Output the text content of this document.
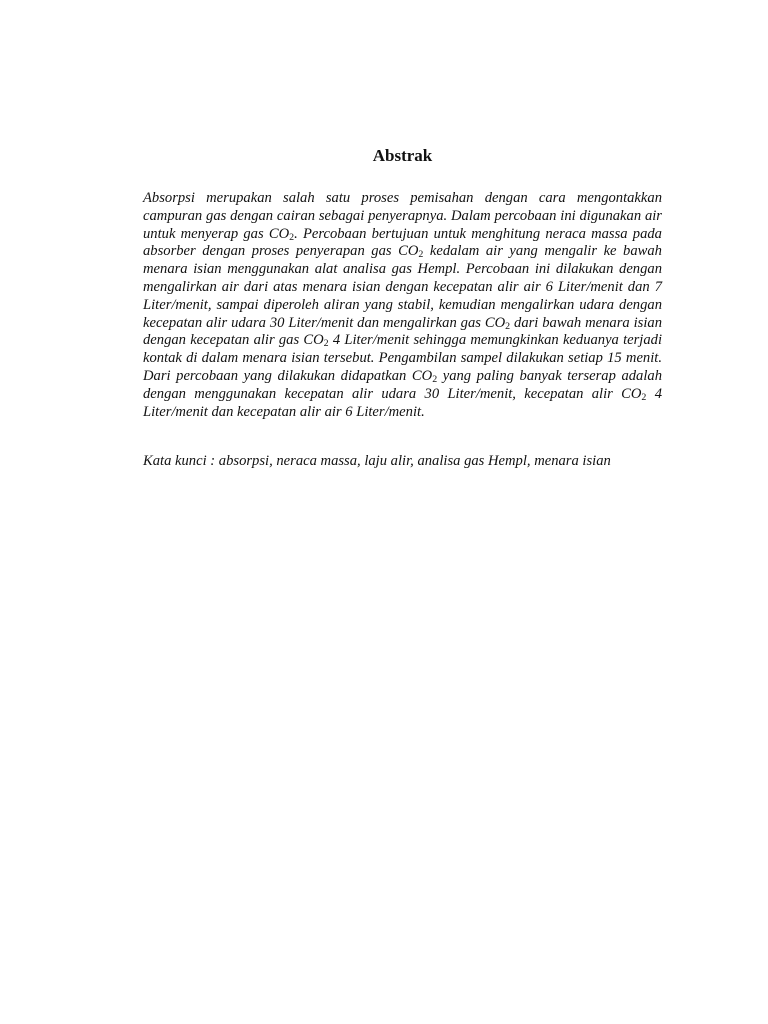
Abstrak

Absorpsi merupakan salah satu proses pemisahan dengan cara mengontakkan campuran gas dengan cairan sebagai penyerapnya. Dalam percobaan ini digunakan air untuk menyerap gas $CO_2$. Percobaan bertujuan untuk menghitung neraca massa pada absorber dengan proses penyerapan gas $CO_2$ kedalam air yang mengalir ke bawah menara isian menggunakan alat analisa gas Hempl. Percobaan ini dilakukan dengan mengalirkan air dari atas menara isian dengan kecepatan alir air 6 Liter/menit dan 7 Liter/menit, sampai diperoleh aliran yang stabil, kemudian mengalirkan udara dengan kecepatan alir udara 30 Liter/menit dan mengalirkan gas $CO_2$ dari bawah menara isian dengan kecepatan alir gas $CO_2$ 4 Liter/menit sehingga memungkinkan keduanya terjadi kontak di dalam menara isian tersebut. Pengambilan sampel dilakukan setiap 15 menit. Dari percobaan yang dilakukan didapatkan $CO_2$ yang paling banyak terserap adalah dengan menggunakan kecepatan alir udara 30 Liter/menit, kecepatan alir $CO_2$ 4 Liter/menit dan kecepatan alir air 6 Liter/menit.

Kata kunci : absorpsi, neraca massa, laju alir, analisa gas Hempl, menara isian
